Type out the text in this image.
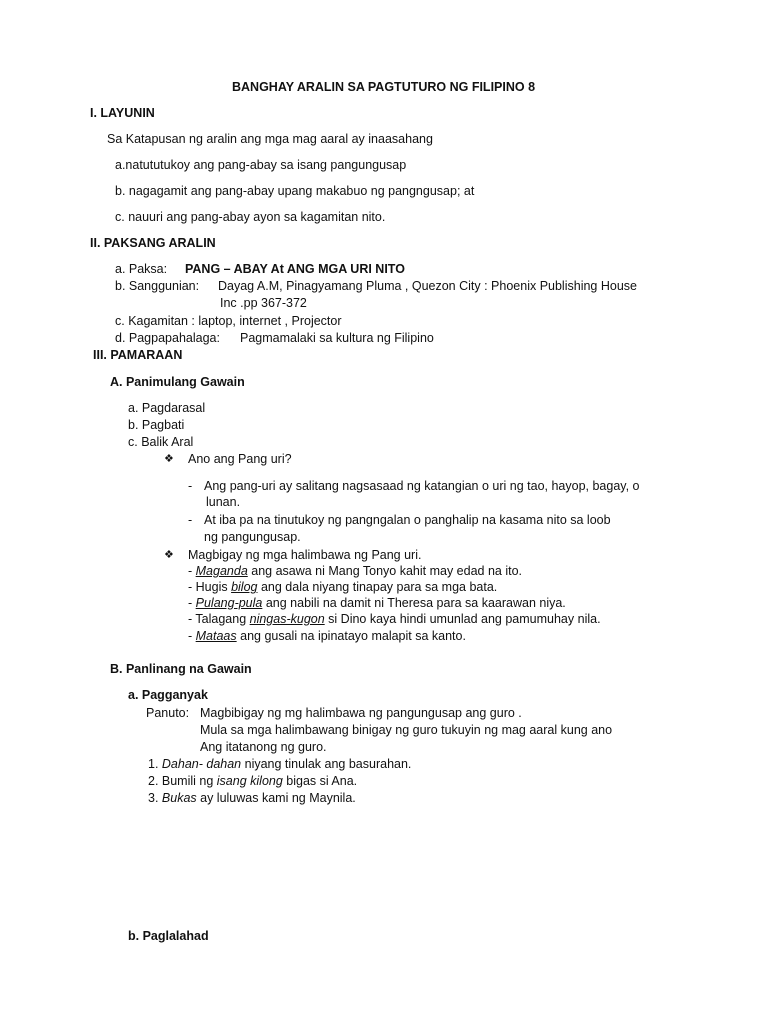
BANGHAY ARALIN SA PAGTUTURO NG FILIPINO 8
I. LAYUNIN
Sa Katapusan ng aralin ang mga mag aaral ay inaasahang
a.natututukoy ang pang-abay sa isang pangungusap
b. nagagamit ang pang-abay upang makabuo ng pangngusap; at
c. nauuri ang pang-abay ayon sa kagamitan nito.
II. PAKSANG ARALIN
a. Paksa: PANG – ABAY At ANG MGA URI NITO
b. Sanggunian: Dayag A.M, Pinagyamang Pluma , Quezon City : Phoenix Publishing House
Inc .pp 367-372
c. Kagamitan : laptop, internet , Projector
d. Pagpapahalaga: Pagmamalaki sa kultura ng Filipino
III. PAMARAAN
A. Panimulang Gawain
a. Pagdarasal
b. Pagbati
c. Balik Aral
❖ Ano ang Pang uri?
- Ang pang-uri ay salitang nagsasaad ng katangian o uri ng tao, hayop, bagay, o
lunan.
- At iba pa na tinutukoy ng pangngalan o panghalip na kasama nito sa loob
ng pangungusap.
❖ Magbigay ng mga halimbawa ng Pang uri.
- Maganda ang asawa ni Mang Tonyo kahit may edad na ito.
- Hugis bilog ang dala niyang tinapay para sa mga bata.
- Pulang-pula ang nabili na damit ni Theresa para sa kaarawan niya.
- Talagang ningas-kugon si Dino kaya hindi umunlad ang pamumuhay nila.
- Mataas ang gusali na ipinatayo malapit sa kanto.
B. Panlinang na Gawain
a. Pagganyak
Panuto: Magbibigay ng mg halimbawa ng pangungusap ang guro .
Mula sa mga halimbawang binigay ng guro tukuyin ng mag aaral kung ano
Ang itatanong ng guro.
1. Dahan- dahan niyang tinulak ang basurahan.
2. Bumili ng isang kilong bigas si Ana.
3. Bukas ay luluwas kami ng Maynila.
b. Paglalahad
